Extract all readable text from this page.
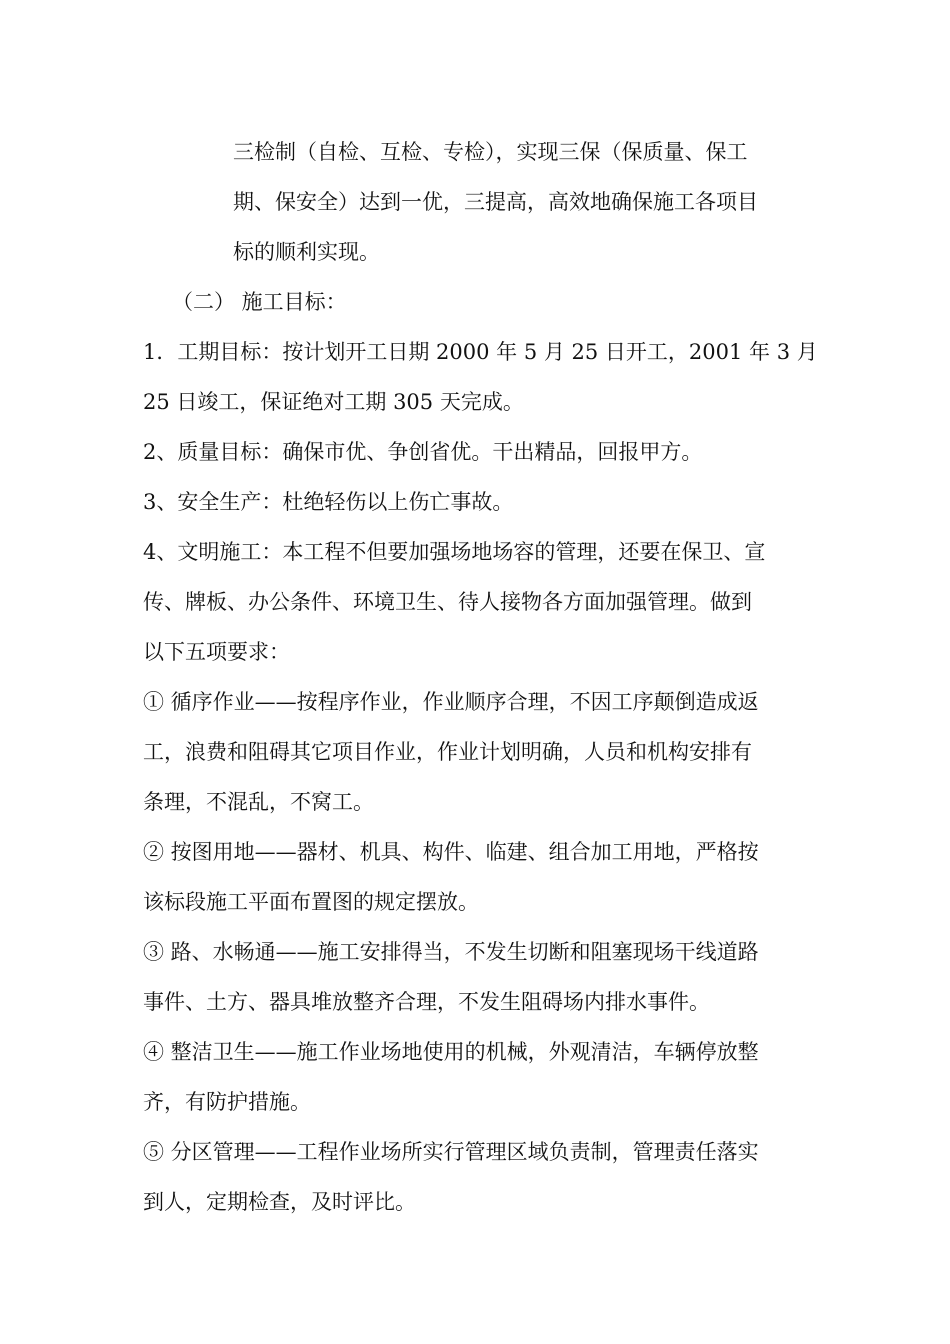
三检制（自检、互检、专检），实现三保（保质量、保工
期、保安全）达到一优，三提高，高效地确保施工各项目
标的顺利实现。
（二） 施工目标：
1．工期目标：按计划开工日期 2000 年 5 月 25 日开工，2001 年 3 月
25 日竣工，保证绝对工期 305 天完成。
2、质量目标：确保市优、争创省优。干出精品，回报甲方。
3、安全生产：杜绝轻伤以上伤亡事故。
4、文明施工：本工程不但要加强场地场容的管理，还要在保卫、宣
传、牌板、办公条件、环境卫生、待人接物各方面加强管理。做到
以下五项要求：
① 循序作业——按程序作业，作业顺序合理，不因工序颠倒造成返
工，浪费和阻碍其它项目作业，作业计划明确，人员和机构安排有
条理，不混乱，不窝工。
② 按图用地——器材、机具、构件、临建、组合加工用地，严格按
该标段施工平面布置图的规定摆放。
③ 路、水畅通——施工安排得当，不发生切断和阻塞现场干线道路
事件、土方、器具堆放整齐合理，不发生阻碍场内排水事件。
④ 整洁卫生——施工作业场地使用的机械，外观清洁，车辆停放整
齐，有防护措施。
⑤ 分区管理——工程作业场所实行管理区域负责制，管理责任落实
到人，定期检查，及时评比。
